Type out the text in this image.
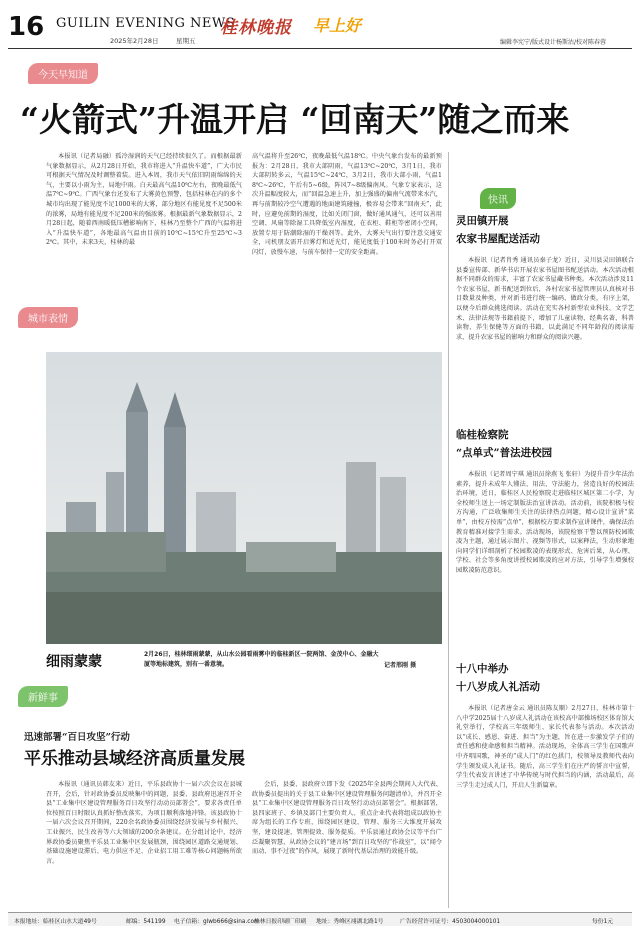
16 GUILIN EVENING NEWS
2025年2月28日	星期五
桂林晚报 早上好
编辑李宪宁/版式设计杨斯沽/校对陈春蓉
今天早知道
“火箭式”升温开启 “回南天”随之而来
本报讯（记者局融）孤冷湿润的天气已经持续很久了。而根据最新气象数据显示，从2月28日开始，我市将进入“升温快车道”，广大市民可根据天气情况及时调整着装。进入本周，我市天气依旧阴雨绵绵的天气，主要以小雨为主，局地中雨。白天最高气温10℃左右，夜晚最低气温7℃~9℃。广西气象台还发布了大雾黄色预警，包括桂林在内的多个城市均出现了能见度不足1000米的大雾，部分地区有能见度不足500米的浓雾，局地有能见度不足200米的强浓雾。根据最新气象数据显示，2月28日起，随着西南暖低压槽影响南下，桂林乃至整个广西的气温将进入“升温快车道”，各地最高气温由目前的10℃~15℃升至25℃~32℃。其中，未来3天，桂林的最
高气温将升至26℃，夜晚最低气温18℃。中央气象台发布的最新预报为：2月28日，我市大部阴雨，气温13℃~20℃，3月1日，我市大部阴转多云，气温15℃~24℃，3月2日，我市大部小雨，气温18℃~26℃，午后有5~6级，阵风7~8级偏南风。气象专家表示，这次升温幅度较大，而“回温急速上升，加上强盛的偏南气流带来水汽，再与前期较冷空气遭遇的地面建筑碰撞，极容易会带来“回南天”，此时，应避免前期的湿度，比如关闭门窗，做好通风通气，还可以善用空调、风扇等除湿工具降低室内湿度，在衣柜、鞋柜等密闭小空间，放置专用于防潮除湿的干燥剂等。此外，大雾天气出行要注意交通安全，司机朋友需开启雾灯和近光灯，能见度低于100米时务必打开双闪灯，放慢车速，与前车保持一定的安全距离。
城市表情
细雨蒙蒙	2月26日，桂林细雨蒙蒙，从山水公园看雨雾中的临桂新区一院两馆、金茂中心、金融大厦等地标建筑，别有一番意境。	记者邢刚 摄
新鲜事
迅速部署“百日攻坚”行动
平乐推动县域经济高质量发展
本报讯（通讯员韩友来）近日，平乐县政协十一届六次会议在县城召开，会后，针对政协委员反映集中的问题，县委、县政府迅速召开全县“工业集中区建设管理服务百日攻坚行动动员部署会”，要求各责任单位按照百日时限认真抓好整改落实，为项目顺利落地冲锋。该县政协十一届六次会议召开期间，220余名政协委员围绕经济发展与乡村振兴、工业振兴、民生改善等六大领域的200余条建议。在分组讨论中，经济界政协委员聚焦平乐县工业集中区发展瓶颈，围绕园区道路交通规划、基础设施建设滞后、电力供应不足、企业招工用工难等核心问题畅所欲言。
会后，县委、县政府立即下发《2025年全县两会期间人大代表、政协委员提出的关于县工业集中区建设管理服务问题清单》，并召开全县“工业集中区建设管理服务百日攻坚行动动员部署会”。根据部署，县四家班子、乡镇及部门主要负责人、重点企业代表将组成以政协主席为组长的工作专班，围绕园区建设、管理、服务三大维度开展攻坚，建设提速、管理提效、服务提质。平乐县通过政协会议等平台广泛凝聚智慧，从政协会议的“建言场”到百日攻坚的“作战室”，以“闻令而动、事不过夜”的作风，展现了新时代基层治理的效能升级。
快讯
灵田镇开展
农家书屋配送活动
本报讯（记者肖秀 通讯员秦子龙）近日，灵川县灵田镇联合县委宣传部、新华书店开展农家书屋图书配送活动。本次活动根据不同群众的需求，丰富了农家书屋藏书种类。本次活动涉及11个农家书屋，新书配送到位后，各村农家书屋管理员认真核对书目数量及种类，并对新书进行统一编码、做政分类，有序上架，以便今后群众挑选阅读。活动在充实各村新型农业科技、文学艺术、法律法规等书籍前提下，增加了儿童读物、经典名著、科普读物、养生保健等方面的书籍，以此满足不同年龄段的阅读需求，提升农家书屋的影响力和群众的阅读兴趣。
临桂检察院
“点单式”普法进校园
本报讯（记者周宁琪 通讯员徐燕飞 张轩）为提升青少年法治素养，提升未成年人懂法、用法、守法能力，营造良好的校园法治环境，近日，临桂区人民检察院走进临桂区城区第二小学，为全校师生送上一场定制版法治宣讲活动。活动前，该院积极与校方沟通，广泛收集师生关注的法律热点问题，精心设计宣讲“菜单”，由校方按需“点单”，根据校方要求制作宣讲课件，确保法治教育精准对接学生需求。活动现场，该院检察干警以预防校园欺凌为主题，通过展示图片、视频等形式，以案释法，生动形象地向同学们详细剖析了校园欺凌的表现形式、危害后果，从心理、学校、社会等多角度讲授校园欺凌的应对方法，引导学生增强校园欺凌防范意识。
十八中举办
十八岁成人礼活动
本报讯（记者唐金云 通讯员陈友顺）2月27日，桂林市第十八中学2025届十八岁成人礼活动在该校高中部操场校区体育馆大礼堂举行，学校高三年级师生、家长代表参与活动。本次活动以“成长、感恩、奋进、担当”为主题，旨在进一步激发学子们的责任感和使命感和担当精神。活动现场，全体高三学生在国歌声中齐唱国歌，神圣的“成人门”的红色拱门，校领导及教师代表向学生颁发成人礼证书。随后，高三学生们在庄严的誓言中宣誓，学生代表发言讲述了中华传统与时代担当的内涵，活动最后，高三学生走过成人门，开启人生新篇章。
本报地址：临桂区山水大道49号	邮编：541199 电子信箱：glwb666@sina.com
桂林日报印刷厂印刷 地址：秀峰区翊湖北路1号	广告经营许可证号：4503004000101	每份1元
